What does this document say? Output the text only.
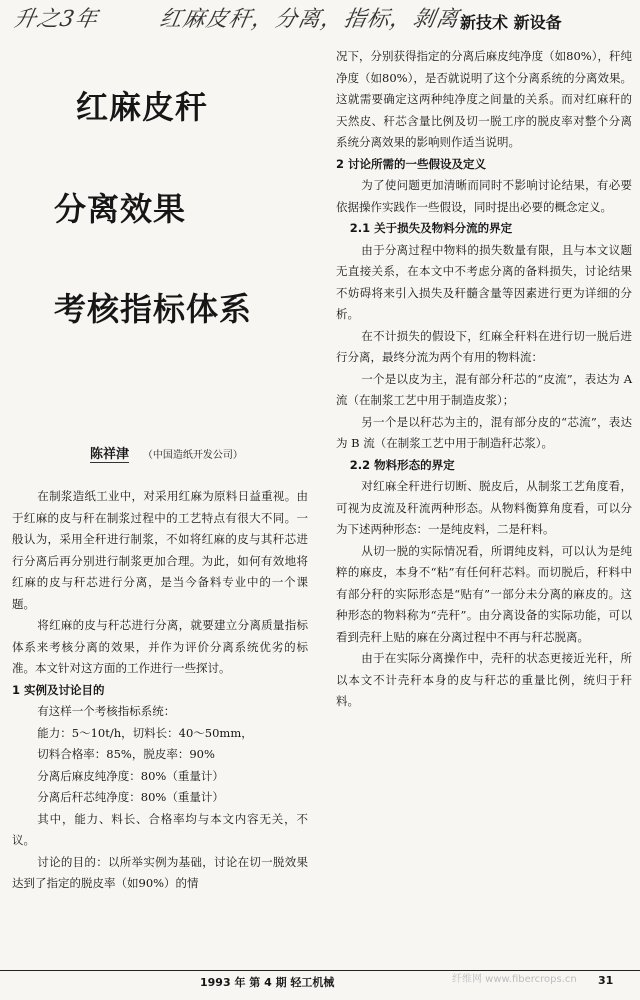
升之3年	红麻皮秆，分离，指标，剝离
新技术 新设备
红麻皮秆
分离效果
考核指标体系
陈祥津 （中国造纸开发公司）

在制浆造纸工业中，对采用红麻为原料日益重视。由于红麻的皮与秆在制浆过程中的工艺特点有很大不同。一般认为，采用全秆进行制浆，不如将红麻的皮与其秆芯进行分离后再分别进行制浆更加合理。为此，如何有效地将红麻的皮与秆芯进行分离，是当今备料专业中的一个课题。

将红麻的皮与秆芯进行分离，就要建立分离质量指标体系来考核分离的效果，并作为评价分离系统优劣的标准。本文针对这方面的工作进行一些探讨。

1 实例及讨论目的

有这样一个考核指标系统：

能力：5～10t/h，切料长：40～50mm，

切料合格率：85%，脱皮率：90%

分离后麻皮纯净度：80%（重量计）

分离后秆芯纯净度：80%（重量计）

其中，能力、料长、合格率均与本文内容无关，不议。

讨论的目的：以所举实例为基础，讨论在切一脱效果达到了指定的脱皮率（如90%）的情

况下，分别获得指定的分离后麻皮纯净度（如80%），秆纯净度（如80%），是否就说明了这个分离系统的分离效果。这就需要确定这两种纯净度之间量的关系。而对红麻秆的天然皮、秆芯含量比例及切一脱工序的脱皮率对整个分离系统分离效果的影响则作适当说明。

2 讨论所需的一些假设及定义

为了使问题更加清晰而同时不影响讨论结果，有必要依据操作实践作一些假设，同时提出必要的概念定义。

2.1 关于损失及物料分流的界定

由于分离过程中物料的损失数量有限，且与本文议题无直接关系，在本文中不考虑分离的备料损失，讨论结果不妨碍将来引入损失及秆髓含量等因素进行更为详细的分析。

在不计损失的假设下，红麻全秆料在进行切一脱后进行分离，最终分流为两个有用的物料流：

一个是以皮为主，混有部分秆芯的“皮流”，表达为 A 流（在制浆工艺中用于制造皮浆）；

另一个是以秆芯为主的，混有部分皮的“芯流”，表达为 B 流（在制浆工艺中用于制造秆芯浆）。

2.2 物料形态的界定

对红麻全秆进行切断、脱皮后，从制浆工艺角度看，可视为皮流及秆流两种形态。从物料衡算角度看，可以分为下述两种形态：一是纯皮料，二是秆料。

从切一脱的实际情况看，所谓纯皮料，可以认为是纯粹的麻皮，本身不“粘”有任何秆芯料。而切脱后，秆料中有部分秆的实际形态是“贴有”一部分未分离的麻皮的。这种形态的物料称为“壳秆”。由分离设备的实际功能，可以看到壳秆上贴的麻在分离过程中不再与秆芯脱离。

由于在实际分离操作中，壳秆的状态更接近光秆，所以本文不计壳秆本身的皮与秆芯的重量比例，统归于秆料。

1993 年 第 4 期 轻工机械	31
纤维网 www.fibercrops.cn
